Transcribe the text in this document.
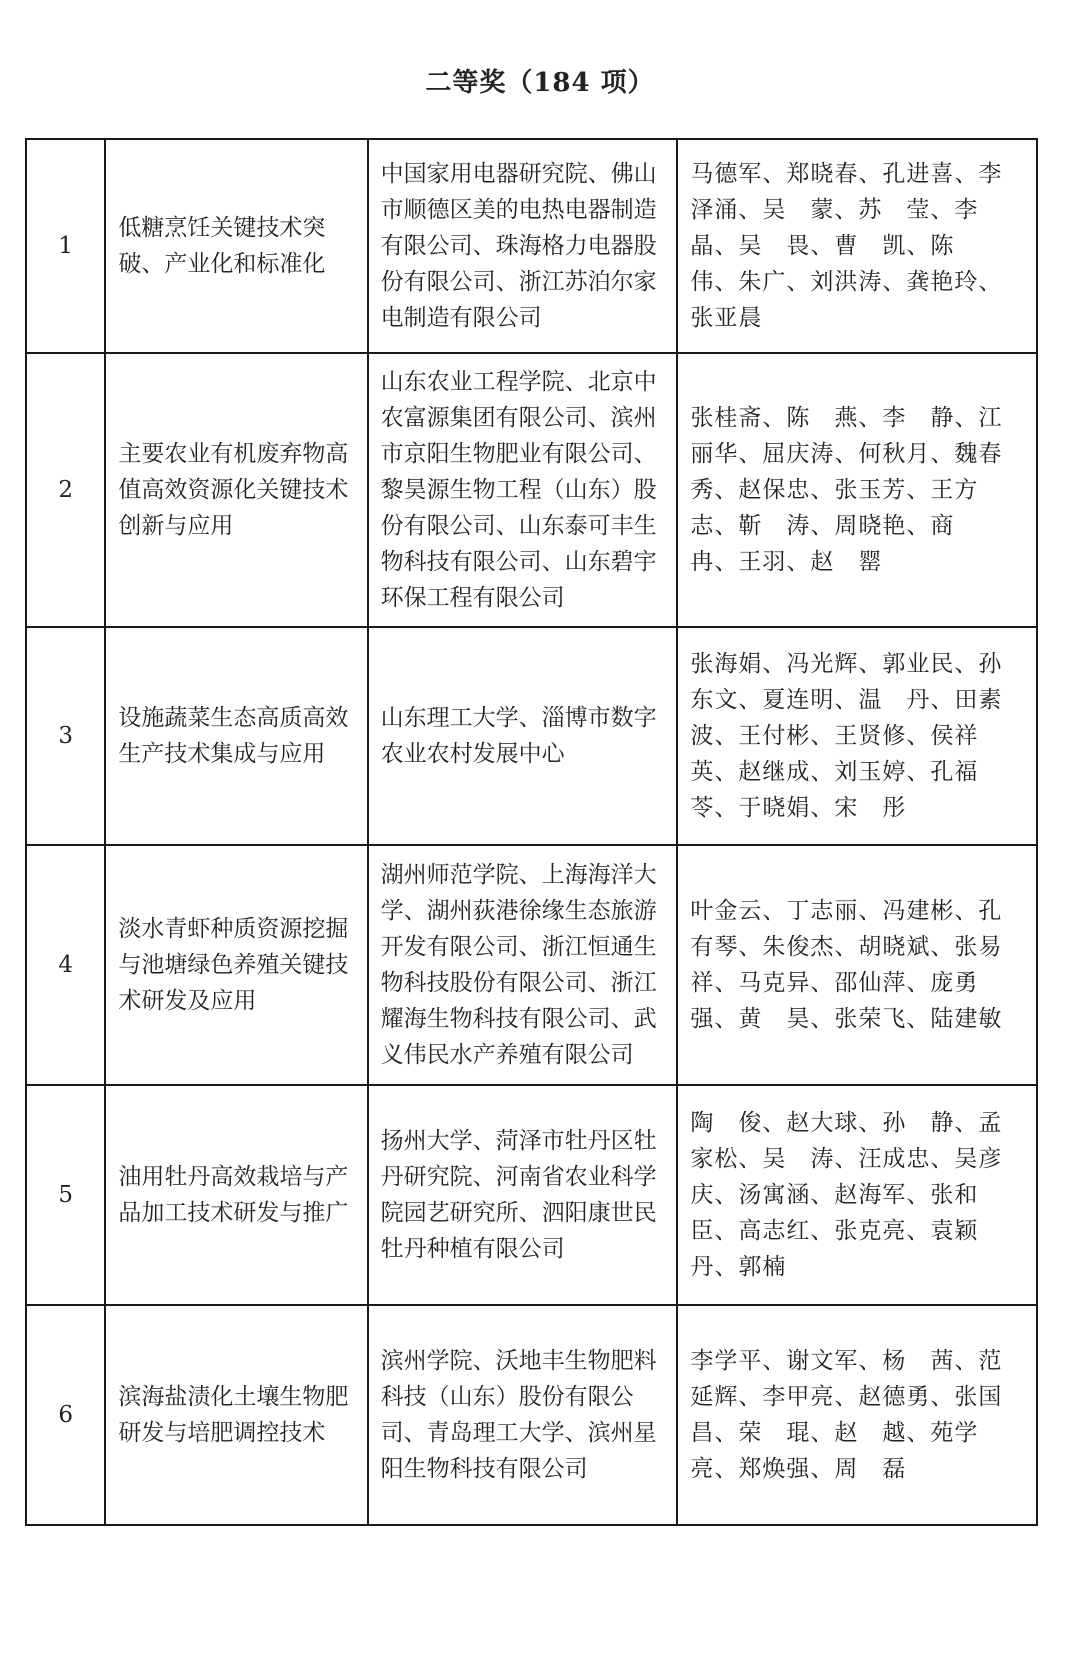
二等奖（184 项）
1	低糖烹饪关键技术突破、产业化和标准化	中国家用电器研究院、佛山市顺德区美的电热电器制造有限公司、珠海格力电器股份有限公司、浙江苏泊尔家电制造有限公司	马德军、郑晓春、孔进喜、李泽涌、吴　蒙、苏　莹、李　晶、吴　畏、曹　凯、陈　伟、朱广、刘洪涛、龚艳玲、张亚晨
2	主要农业有机废弃物高值高效资源化关键技术创新与应用	山东农业工程学院、北京中农富源集团有限公司、滨州市京阳生物肥业有限公司、黎昊源生物工程（山东）股份有限公司、山东泰可丰生物科技有限公司、山东碧宇环保工程有限公司	张桂斋、陈　燕、李　静、江丽华、屈庆涛、何秋月、魏春秀、赵保忠、张玉芳、王方志、靳　涛、周晓艳、商　冉、王羽、赵　罂
3	设施蔬菜生态高质高效生产技术集成与应用	山东理工大学、淄博市数字农业农村发展中心	张海娟、冯光辉、郭业民、孙东文、夏连明、温　丹、田素波、王付彬、王贤修、侯祥英、赵继成、刘玉婷、孔福苓、于晓娟、宋　彤
4	淡水青虾种质资源挖掘与池塘绿色养殖关键技术研发及应用	湖州师范学院、上海海洋大学、湖州荻港徐缘生态旅游开发有限公司、浙江恒通生物科技股份有限公司、浙江耀海生物科技有限公司、武义伟民水产养殖有限公司	叶金云、丁志丽、冯建彬、孔有琴、朱俊杰、胡晓斌、张易祥、马克异、邵仙萍、庞勇强、黄　昊、张荣飞、陆建敏
5	油用牡丹高效栽培与产品加工技术研发与推广	扬州大学、菏泽市牡丹区牡丹研究院、河南省农业科学院园艺研究所、泗阳康世民牡丹种植有限公司	陶　俊、赵大球、孙　静、孟家松、吴　涛、汪成忠、吴彦庆、汤寓涵、赵海军、张和臣、高志红、张克亮、袁颖丹、郭楠
6	滨海盐渍化土壤生物肥研发与培肥调控技术	滨州学院、沃地丰生物肥料科技（山东）股份有限公司、青岛理工大学、滨州星阳生物科技有限公司	李学平、谢文军、杨　茜、范延辉、李甲亮、赵德勇、张国昌、荣　琨、赵　越、苑学亮、郑焕强、周　磊
